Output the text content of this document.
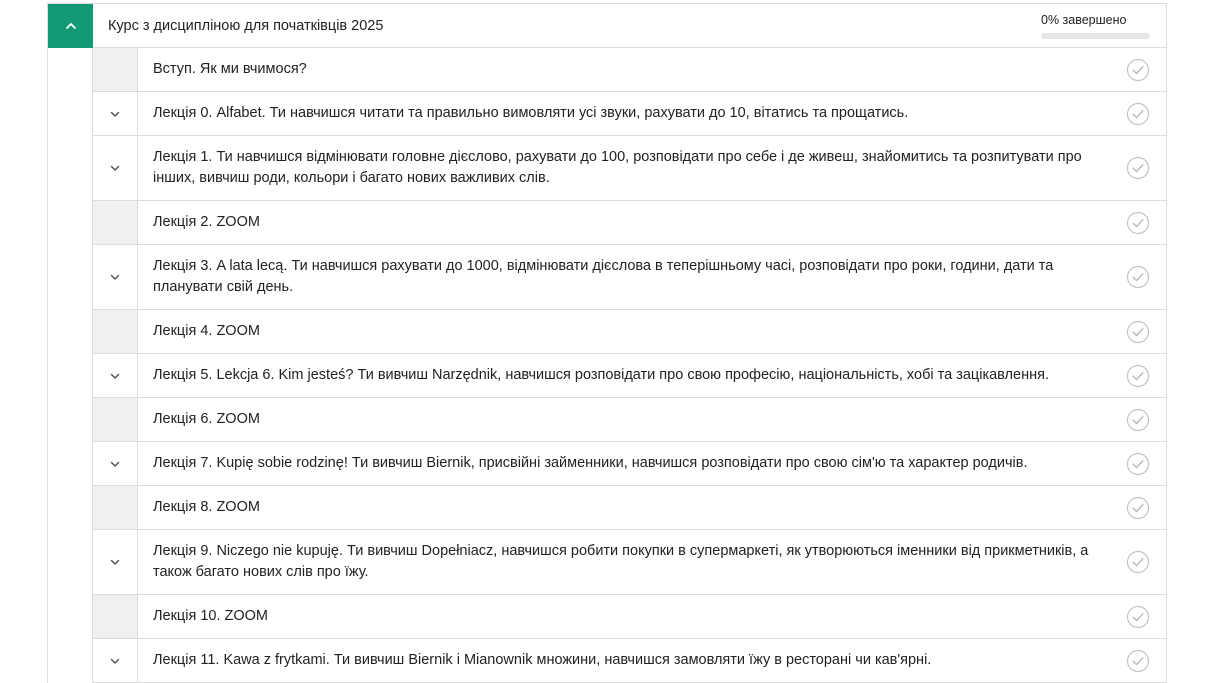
Курс з дисципліною для початківців 2025	0% завершено
Вступ. Як ми вчимося?
Лекція 0. Alfabet. Ти навчишся читати та правильно вимовляти усі звуки, рахувати до 10, вітатись та прощатись.
Лекція 1. Ти навчишся відмінювати головне дієслово, рахувати до 100, розповідати про себе і де живеш, знайомитись та розпитувати про інших, вивчиш роди, кольори і багато нових важливих слів.
Лекція 2. ZOOM
Лекція 3. A lata lecą. Ти навчишся рахувати до 1000, відмінювати дієслова в теперішньому часі, розповідати про роки, години, дати та планувати свій день.
Лекція 4. ZOOM
Лекція 5. Lekcja 6. Kim jesteś? Ти вивчиш Narzędnik, навчишся розповідати про свою професію, національність, хобі та зацікавлення.
Лекція 6. ZOOM
Лекція 7. Kupię sobie rodzinę! Ти вивчиш Biernik, присвійні займенники, навчишся розповідати про свою сім'ю та характер родичів.
Лекція 8. ZOOM
Лекція 9. Niczego nie kupuję. Ти вивчиш Dopełniacz, навчишся робити покупки в супермаркеті, як утворюються іменники від прикметників, а також багато нових слів про їжу.
Лекція 10. ZOOM
Лекція 11. Kawa z frytkami. Ти вивчиш Biernik i Mianownik множини, навчишся замовляти їжу в ресторані чи кав'ярні.
